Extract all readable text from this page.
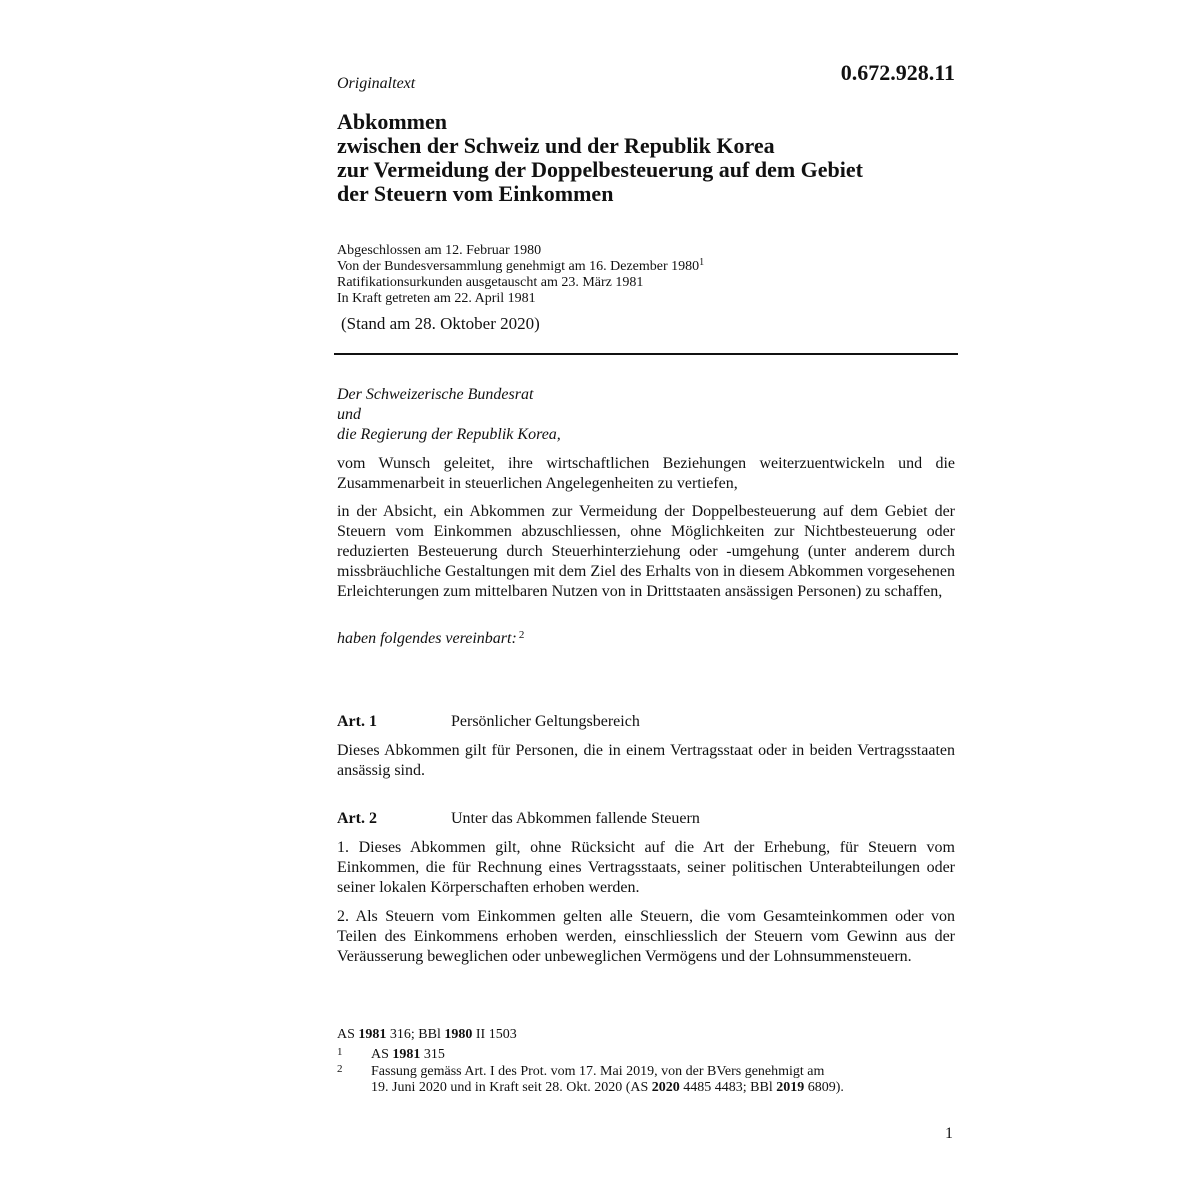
Originaltext	0.672.928.11
Abkommen
zwischen der Schweiz und der Republik Korea
zur Vermeidung der Doppelbesteuerung auf dem Gebiet
der Steuern vom Einkommen
Abgeschlossen am 12. Februar 1980
Von der Bundesversammlung genehmigt am 16. Dezember 1980$^1$
Ratifikationsurkunden ausgetauscht am 23. März 1981
In Kraft getreten am 22. April 1981
(Stand am 28. Oktober 2020)
Der Schweizerische Bundesrat
und
die Regierung der Republik Korea,
vom Wunsch geleitet, ihre wirtschaftlichen Beziehungen weiterzuentwickeln und die Zusammenarbeit in steuerlichen Angelegenheiten zu vertiefen,
in der Absicht, ein Abkommen zur Vermeidung der Doppelbesteuerung auf dem Gebiet der Steuern vom Einkommen abzuschliessen, ohne Möglichkeiten zur Nichtbesteuerung oder reduzierten Besteuerung durch Steuerhinterziehung oder -umgehung (unter anderem durch missbräuchliche Gestaltungen mit dem Ziel des Erhalts von in diesem Abkommen vorgesehenen Erleichterungen zum mittelbaren Nutzen von in Drittstaaten ansässigen Personen) zu schaffen,
haben folgendes vereinbart: $^2$
Art. 1	Persönlicher Geltungsbereich
Dieses Abkommen gilt für Personen, die in einem Vertragsstaat oder in beiden Vertragsstaaten ansässig sind.
Art. 2	Unter das Abkommen fallende Steuern
1. Dieses Abkommen gilt, ohne Rücksicht auf die Art der Erhebung, für Steuern vom Einkommen, die für Rechnung eines Vertragsstaats, seiner politischen Unterabteilungen oder seiner lokalen Körperschaften erhoben werden.
2. Als Steuern vom Einkommen gelten alle Steuern, die vom Gesamteinkommen oder von Teilen des Einkommens erhoben werden, einschliesslich der Steuern vom Gewinn aus der Veräusserung beweglichen oder unbeweglichen Vermögens und der Lohnsummensteuern.
AS 1981 316; BBl 1980 II 1503
1 AS 1981 315
2 Fassung gemäss Art. I des Prot. vom 17. Mai 2019, von der BVers genehmigt am
19. Juni 2020 und in Kraft seit 28. Okt. 2020 (AS 2020 4485 4483; BBl 2019 6809).
1
